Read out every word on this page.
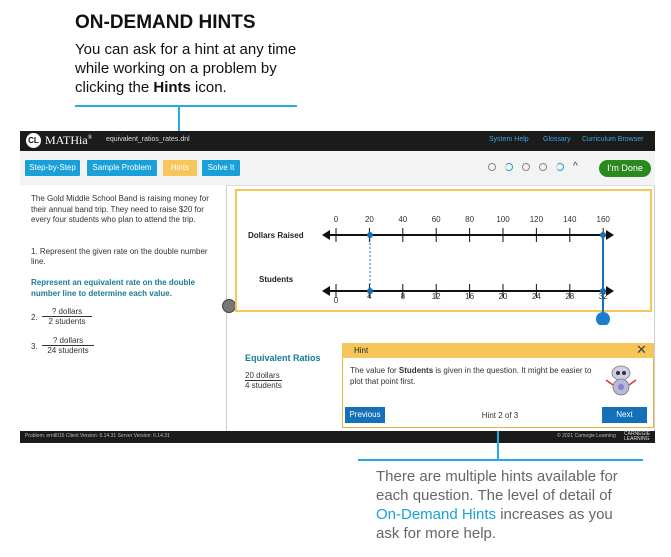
ON-DEMAND HINTS
You can ask for a hint at any time while working on a problem by clicking the Hints icon.
CL MATHia® equivalent_ratios_rates.dnl	System Help Glossary Curriculum Browser
Step-by-Step	Sample Problem	Hints	Solve It	^	I'm Done
The Gold Middle School Band is raising money for their annual band trip. They need to raise $20 for every four students who plan to attend the trip.
1. Represent the given rate on the double number line.
Represent an equivalent rate on the double number line to determine each value.
2.
? dollars
2 students
3.
? dollars
24 students
Dollars Raised
Students
0	20	40	60	80	100	120	140	160
0	4	8	12	16	20	24	28	32
Equivalent Ratios
20 dollars
4 students
Hint	✕
The value for Students is given in the question. It might be easier to plot that point first.
Previous	Hint 2 of 3	Next
Problem: erntl016 Client Version: 6.14.31 Server Version: 6.14.31	© 2021 Carnegie Learning CARNEGIE LEARNING
There are multiple hints available for each question. The level of detail of On-Demand Hints increases as you ask for more help.
